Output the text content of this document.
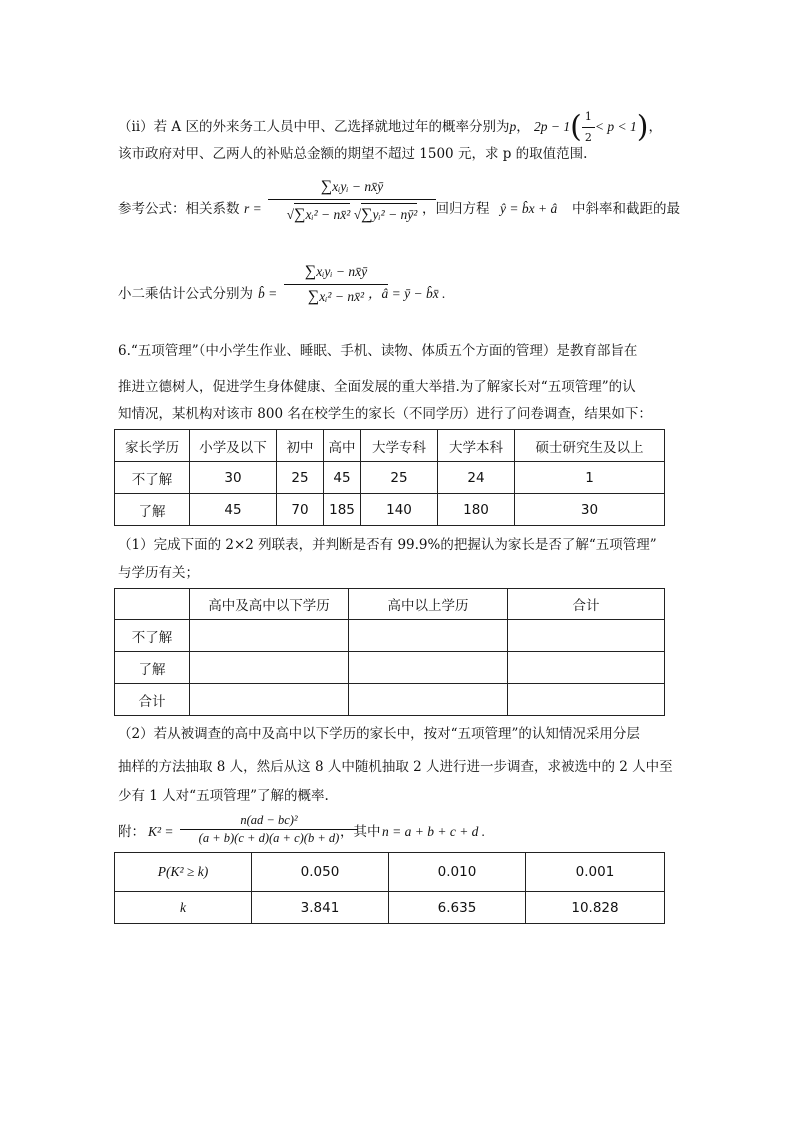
（ⅱ）若 A 区的外来务工人员中甲、乙选择就地过年的概率分别为p， $2p - 1( \frac{1}{2} < p < 1)$，
该市政府对甲、乙两人的补贴总金额的期望不超过 1500 元，求 p 的取值范围.
参考公式：相关系数 r =
∑xᵢyᵢ − nx̄ȳ
√∑xᵢ² − nx̄² √∑yᵢ² − nȳ² ，回归方程 ŷ = b̂x + â 中斜率和截距的最
小二乘估计公式分别为 b̂ =
∑xᵢyᵢ − nx̄ȳ
∑xᵢ² − nx̄² ，â = ȳ − b̂x̄ .
6.“五项管理”（中小学生作业、睡眠、手机、读物、体质五个方面的管理）是教育部旨在
推进立德树人，促进学生身体健康、全面发展的重大举措.为了解家长对“五项管理”的认
知情况，某机构对该市 800 名在校学生的家长（不同学历）进行了问卷调查，结果如下：
家长学历	小学及以下	初中	高中	大学专科	大学本科	硕士研究生及以上
不了解	30	25	45	25	24	1
了解	45	70	185	140	180	30
（1）完成下面的 2×2 列联表，并判断是否有 99.9%的把握认为家长是否了解“五项管理”
与学历有关；
	高中及高中以下学历	高中以上学历	合计
不了解			
了解			
合计			
（2）若从被调查的高中及高中以下学历的家长中，按对“五项管理”的认知情况采用分层
抽样的方法抽取 8 人，然后从这 8 人中随机抽取 2 人进行进一步调查，求被选中的 2 人中至
少有 1 人对“五项管理”了解的概率.
附： $K^2 = \frac{\text{n(ad − bc)²}}{(a + b)(c + d)(a + c)(b + d)}$
，其中 n = a + b + c + d .
P(K² ≥ k)	0.050	0.010	0.001
k	3.841	6.635	10.828
